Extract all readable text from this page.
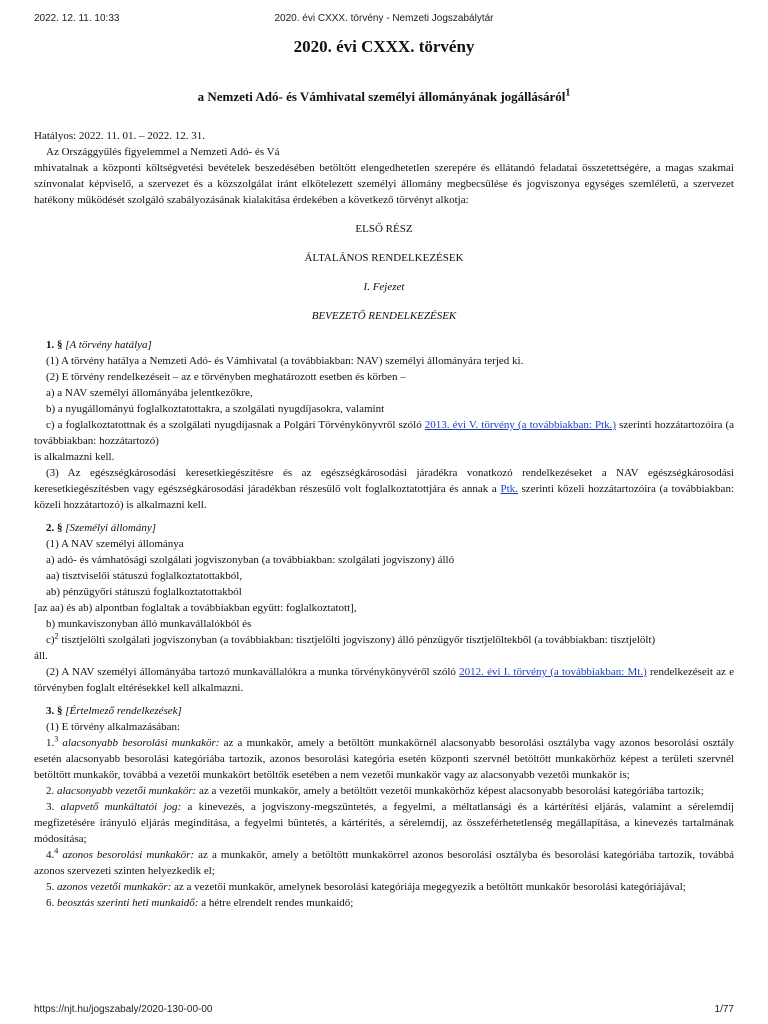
2022. 12. 11. 10:33	2020. évi CXXX. törvény - Nemzeti Jogszabálytár
2020. évi CXXX. törvény
a Nemzeti Adó- és Vámhivatal személyi állományának jogállásáról$^1$

Hatályos: 2022. 11. 01. – 2022. 12. 31.

Az Országgyűlés figyelemmel a Nemzeti Adó- és Vá

mhivatalnak a központi költségvetési bevételek beszedésében betöltött elengedhetetlen szerepére és ellátandó feladatai összetettségére, a magas szakmai színvonalat képviselő, a szervezet és a közszolgálat iránt elkötelezett személyi állomány megbecsülése és jogviszonya egységes szemléletű, a szervezet hatékony működését szolgáló szabályozásának kialakítása érdekében a következő törvényt alkotja:

ELSŐ RÉSZ

ÁLTALÁNOS RENDELKEZÉSEK

I. Fejezet

BEVEZETŐ RENDELKEZÉSEK

1. § [A törvény hatálya]

(1) A törvény hatálya a Nemzeti Adó- és Vámhivatal (a továbbiakban: NAV) személyi állományára terjed ki.

(2) E törvény rendelkezéseit – az e törvényben meghatározott esetben és körben –

a) a NAV személyi állományába jelentkezőkre,

b) a nyugállományú foglalkoztatottakra, a szolgálati nyugdíjasokra, valamint

c) a foglalkoztatottnak és a szolgálati nyugdíjasnak a Polgári Törvénykönyvről szóló 2013. évi V. törvény (a továbbiakban: Ptk.) szerinti hozzátartozóira (a továbbiakban: hozzátartozó)

is alkalmazni kell.

(3) Az egészségkárosodási keresetkiegészítésre és az egészségkárosodási járadékra vonatkozó rendelkezéseket a NAV egészségkárosodási keresetkiegészítésben vagy egészségkárosodási járadékban részesülő volt foglalkoztatottjára és annak a Ptk. szerinti közeli hozzátartozóira (a továbbiakban: közeli hozzátartozó) is alkalmazni kell.

2. § [Személyi állomány]

(1) A NAV személyi állománya

a) adó- és vámhatósági szolgálati jogviszonyban (a továbbiakban: szolgálati jogviszony) álló

aa) tisztviselői státuszú foglalkoztatottakból,

ab) pénzügyőri státuszú foglalkoztatottakból

[az aa) és ab) alpontban foglaltak a továbbiakban együtt: foglalkoztatott],

b) munkaviszonyban álló munkavállalókból és

c)$^2$ tisztjelölti szolgálati jogviszonyban (a továbbiakban: tisztjelölti jogviszony) álló pénzügyőr tisztjelöltekből (a továbbiakban: tisztjelölt)

áll.

(2) A NAV személyi állományába tartozó munkavállalókra a munka törvénykönyvéről szóló 2012. évi I. törvény (a továbbiakban: Mt.) rendelkezéseit az e törvényben foglalt eltérésekkel kell alkalmazni.

3. § [Értelmező rendelkezések]

(1) E törvény alkalmazásában:

1.$^3$ alacsonyabb besorolási munkakör: az a munkakör, amely a betöltött munkakörnél alacsonyabb besorolási osztályba vagy azonos besorolási osztály esetén alacsonyabb besorolási kategóriába tartozik, azonos besorolási kategória esetén központi szervnél betöltött munkakörhöz képest a területi szervnél betöltött munkakör, továbbá a vezetői munkakört betöltők esetében a nem vezetői munkakör vagy az alacsonyabb vezetői munkakör is;

2. alacsonyabb vezetői munkakör: az a vezetői munkakör, amely a betöltött vezetői munkakörhöz képest alacsonyabb besorolási kategóriába tartozik;

3. alapvető munkáltatói jog: a kinevezés, a jogviszony-megszüntetés, a fegyelmi, a méltatlansági és a kártérítési eljárás, valamint a sérelemdíj megfizetésére irányuló eljárás megindítása, a fegyelmi büntetés, a kártérítés, a sérelemdíj, az összeférhetetlenség megállapítása, a kinevezés tartalmának módosítása;

4.$^4$ azonos besorolási munkakör: az a munkakör, amely a betöltött munkakörrel azonos besorolási osztályba és besorolási kategóriába tartozik, továbbá azonos szervezeti szinten helyezkedik el;

5. azonos vezetői munkakör: az a vezetői munkakör, amelynek besorolási kategóriája megegyezik a betöltött munkakör besorolási kategóriájával;

6. beosztás szerinti heti munkaidő: a hétre elrendelt rendes munkaidő;

https://njt.hu/jogszabaly/2020-130-00-00	1/77
